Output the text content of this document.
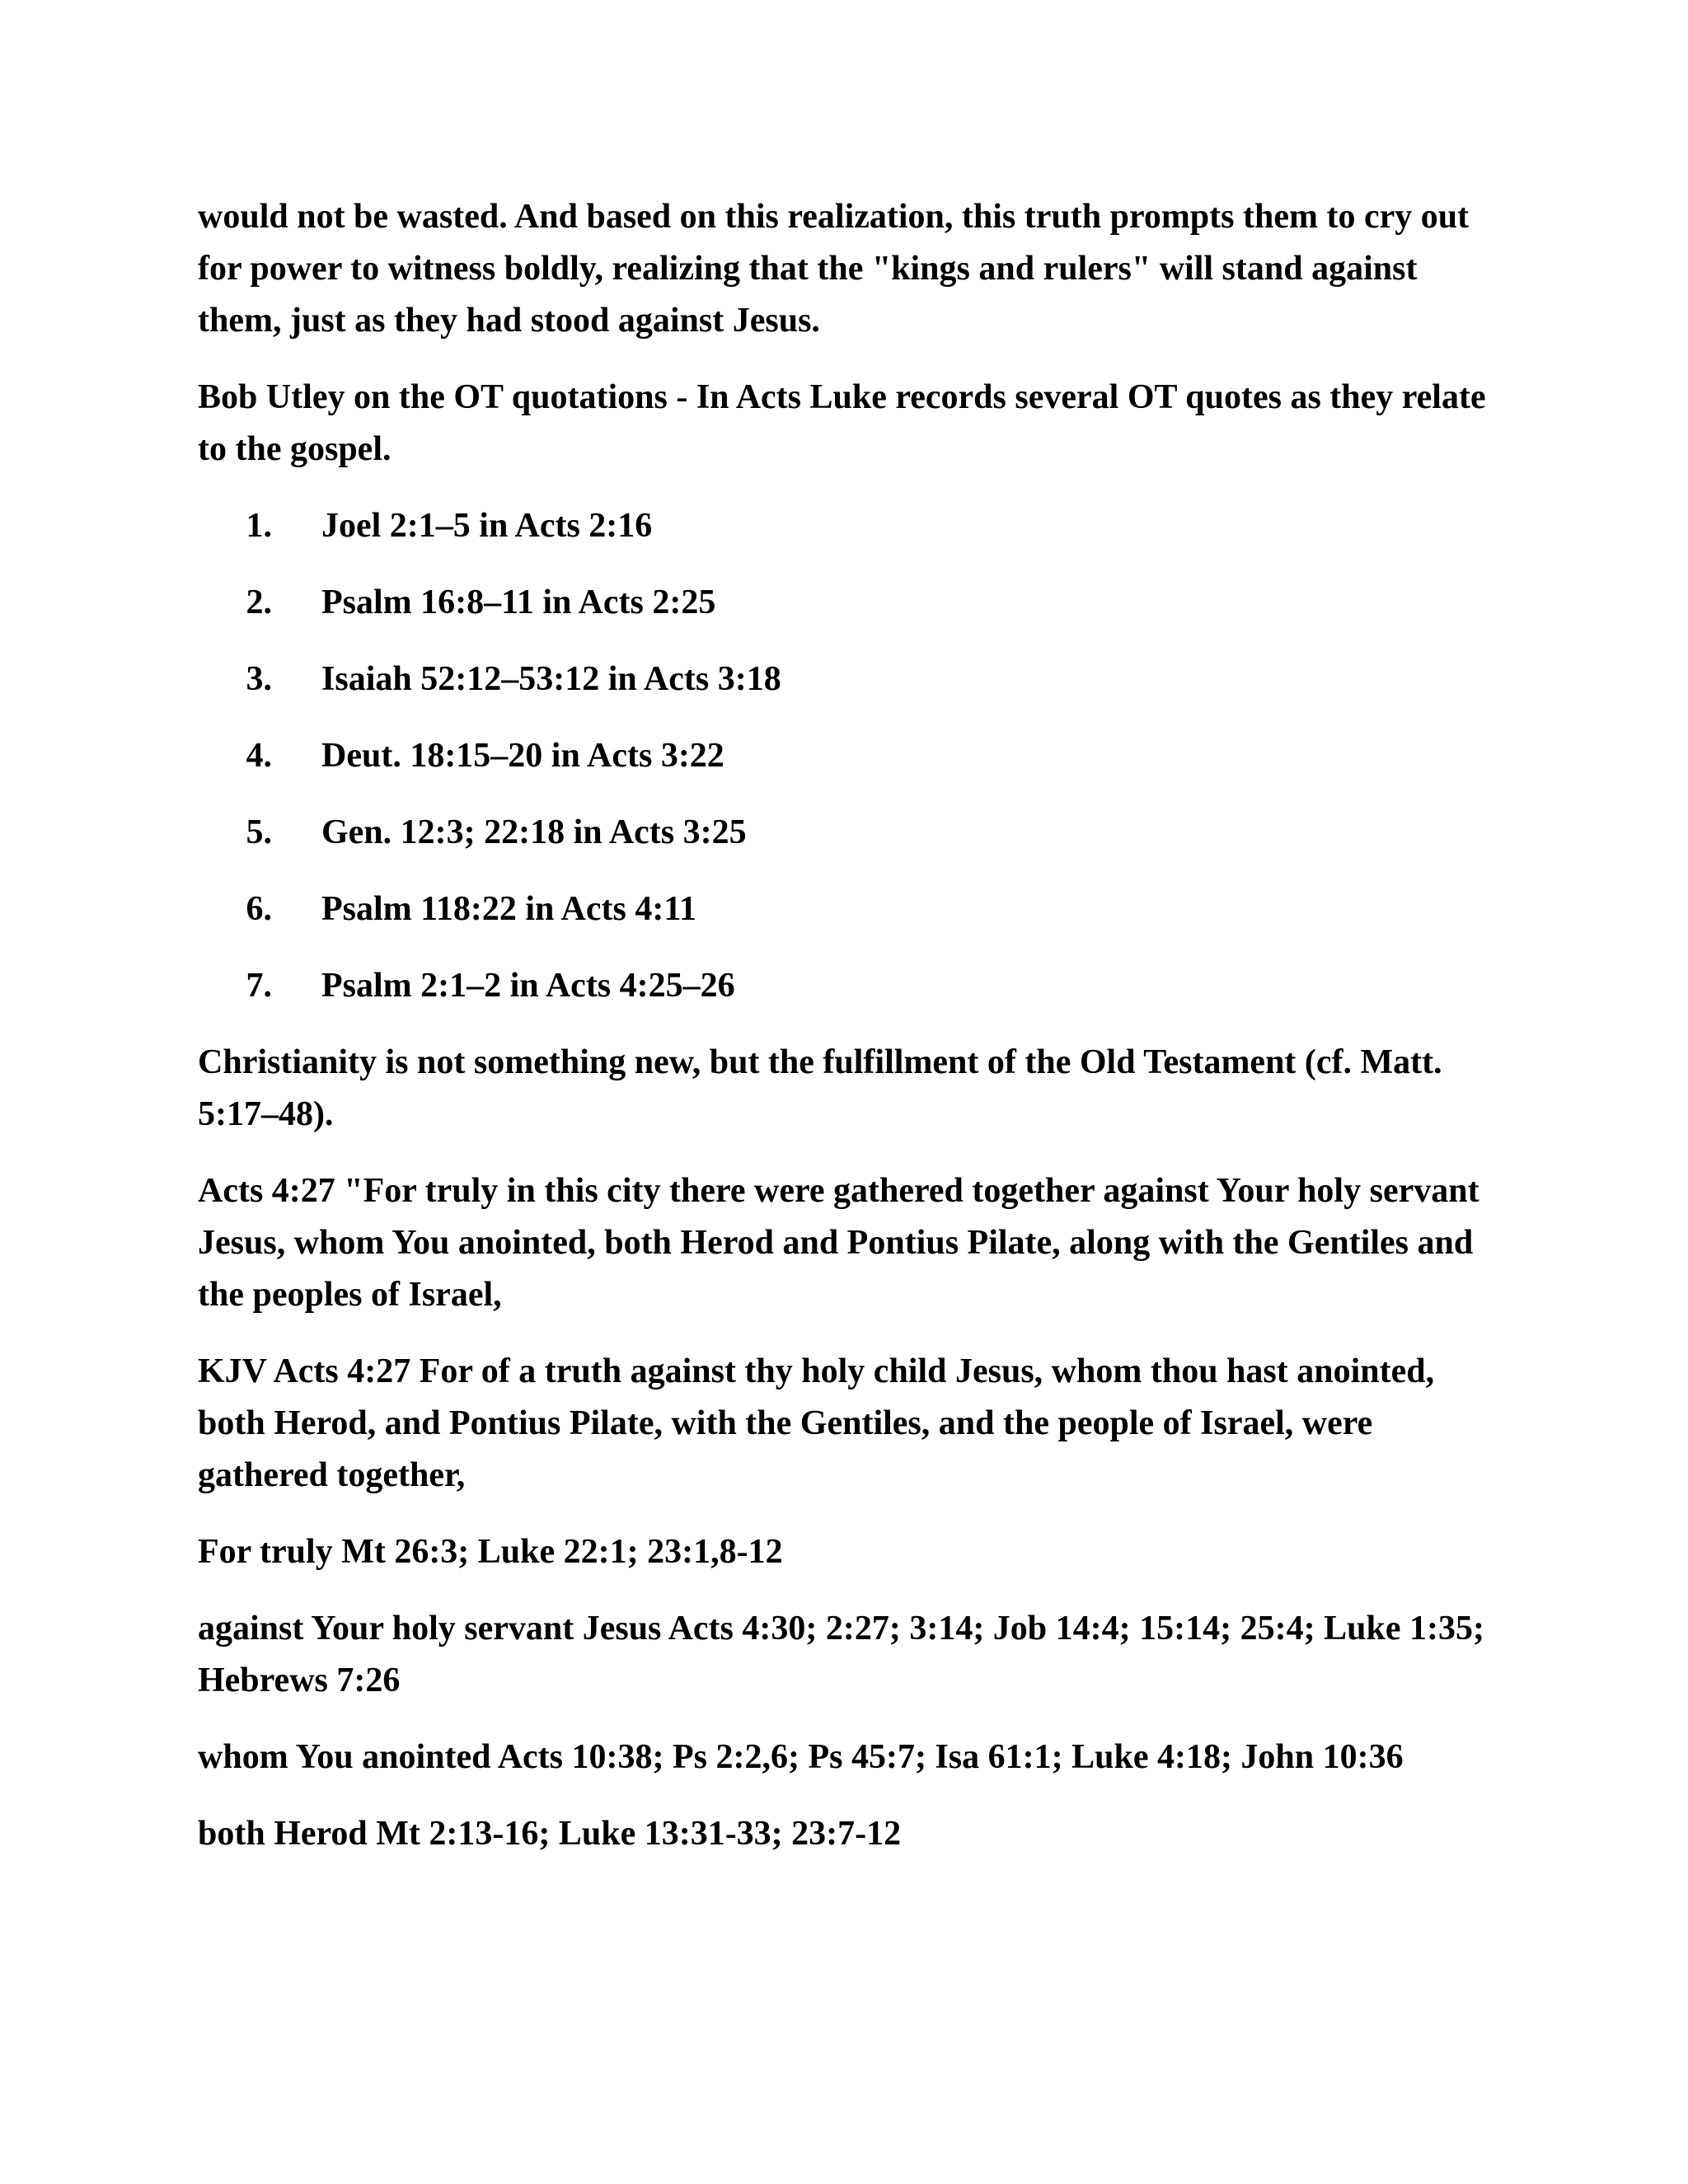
would not be wasted. And based on this realization, this truth prompts them to cry out for power to witness boldly, realizing that the "kings and rulers" will stand against them, just as they had stood against Jesus.

Bob Utley on the OT quotations - In Acts Luke records several OT quotes as they relate to the gospel.

1.	Joel 2:1–5 in Acts 2:16
2.	Psalm 16:8–11 in Acts 2:25
3.	Isaiah 52:12–53:12 in Acts 3:18
4.	Deut. 18:15–20 in Acts 3:22
5.	Gen. 12:3; 22:18 in Acts 3:25
6.	Psalm 118:22 in Acts 4:11
7.	Psalm 2:1–2 in Acts 4:25–26

Christianity is not something new, but the fulfillment of the Old Testament (cf. Matt. 5:17–48).

Acts 4:27 "For truly in this city there were gathered together against Your holy servant Jesus, whom You anointed, both Herod and Pontius Pilate, along with the Gentiles and the peoples of Israel,

KJV Acts 4:27 For of a truth against thy holy child Jesus, whom thou hast anointed, both Herod, and Pontius Pilate, with the Gentiles, and the people of Israel, were gathered together,

For truly Mt 26:3; Luke 22:1; 23:1,8-12

against Your holy servant Jesus Acts 4:30; 2:27; 3:14; Job 14:4; 15:14; 25:4; Luke 1:35; Hebrews 7:26

whom You anointed Acts 10:38; Ps 2:2,6; Ps 45:7; Isa 61:1; Luke 4:18; John 10:36

both Herod Mt 2:13-16; Luke 13:31-33; 23:7-12
